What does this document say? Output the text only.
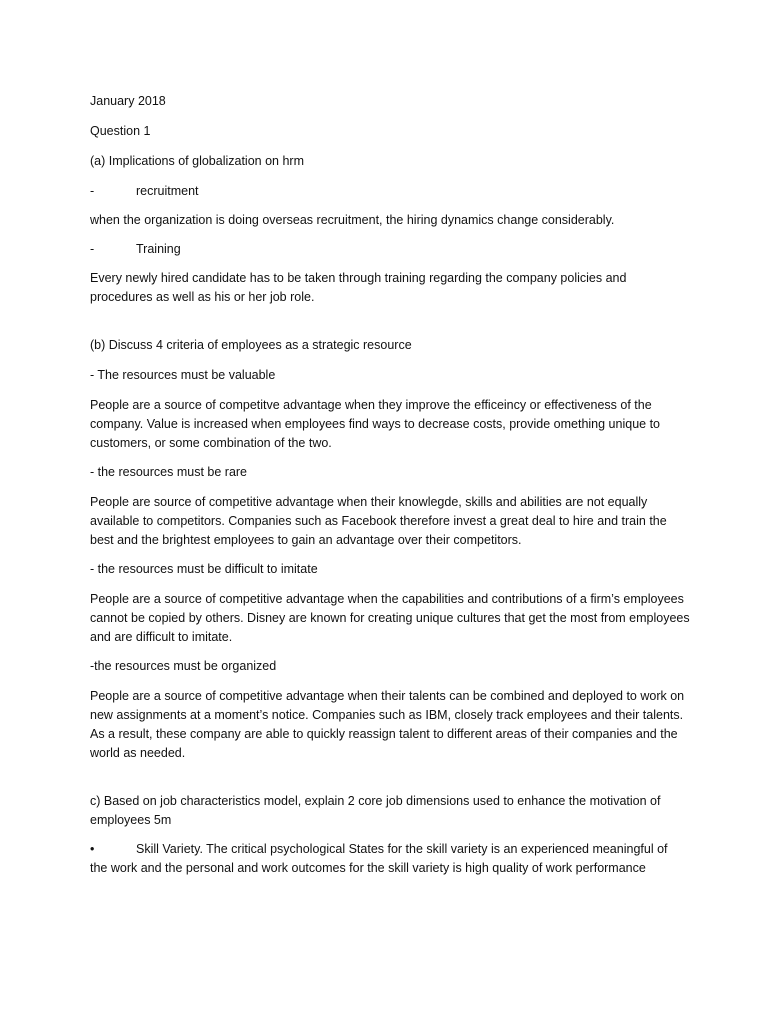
January 2018

Question 1

(a) Implications of globalization on hrm

-	recruitment

when the organization is doing overseas recruitment, the hiring dynamics change considerably.

-	Training

Every newly hired candidate has to be taken through training regarding the company policies and procedures as well as his or her job role.

(b) Discuss 4 criteria of employees as a strategic resource

- The resources must be valuable

People are a source of competitve advantage when they improve the efficeincy or effectiveness of the company. Value is increased when employees find ways to decrease costs, provide omething unique to customers, or some combination of the two.

- the resources must be rare

People are source of competitive advantage when their knowlegde, skills and abilities are not equally available to competitors. Companies such as Facebook therefore invest a great deal to hire and train the best and the brightest employees to gain an advantage over their competitors.

- the resources must be difficult to imitate

People are a source of competitive advantage when the capabilities and contributions of a firm’s employees cannot be copied by others. Disney are known for creating unique cultures that get the most from employees and are difficult to imitate.

-the resources must be organized

People are a source of competitive advantage when their talents can be combined and deployed to work on new assignments at a moment’s notice. Companies such as IBM, closely track employees and their talents. As a result, these company are able to quickly reassign talent to different areas of their companies and the world as needed.

c) Based on job characteristics model, explain 2 core job dimensions used to enhance the motivation of employees 5m

•	Skill Variety. The critical psychological States for the skill variety is an experienced meaningful of

the work and the personal and work outcomes for the skill variety is high quality of work performance
